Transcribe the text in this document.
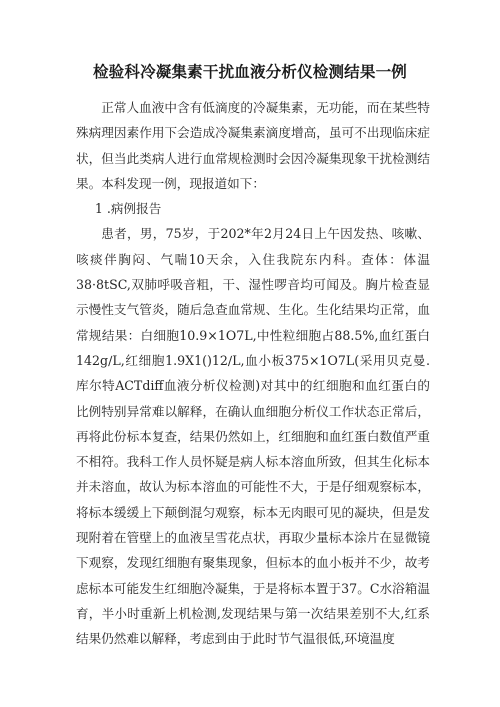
检验科冷凝集素干扰血液分析仪检测结果一例

正常人血液中含有低滴度的冷凝集素，无功能，而在某些特殊病理因素作用下会造成冷凝集素滴度增高，虽可不出现临床症状，但当此类病人进行血常规检测时会因冷凝集现象干扰检测结果。本科发现一例，现报道如下：

1 .病例报告

患者，男，75岁，于202*年2月24日上午因发热、咳嗽、咳痰伴胸闷、气喘10天余，入住我院东内科。查体：体温38·8tSC,双肺呼吸音粗，干、湿性啰音均可闻及。胸片检查显示慢性支气管炎，随后急查血常规、生化。生化结果均正常，血常规结果：白细胞10.9×1O7L,中性粒细胞占88.5%,血红蛋白142g∕L,红细胞1.9X1()12∕L,血小板375×1O7L(采用贝克曼.库尔特ACTdiff血液分析仪检测)对其中的红细胞和血红蛋白的比例特别异常难以解释，在确认血细胞分析仪工作状态正常后，再将此份标本复查，结果仍然如上，红细胞和血红蛋白数值严重不相符。我科工作人员怀疑是病人标本溶血所致，但其生化标本并未溶血，故认为标本溶血的可能性不大，于是仔细观察标本，将标本缓缓上下颠倒混匀观察，标本无肉眼可见的凝块，但是发现附着在管壁上的血液呈雪花点状，再取少量标本涂片在显微镜下观察，发现红细胞有聚集现象，但标本的血小板并不少，故考虑标本可能发生红细胞冷凝集，于是将标本置于37。C水浴箱温育，半小时重新上机检测,发现结果与第一次结果差别不大,红系结果仍然难以解释，考虑到由于此时节气温很低,环境温度
